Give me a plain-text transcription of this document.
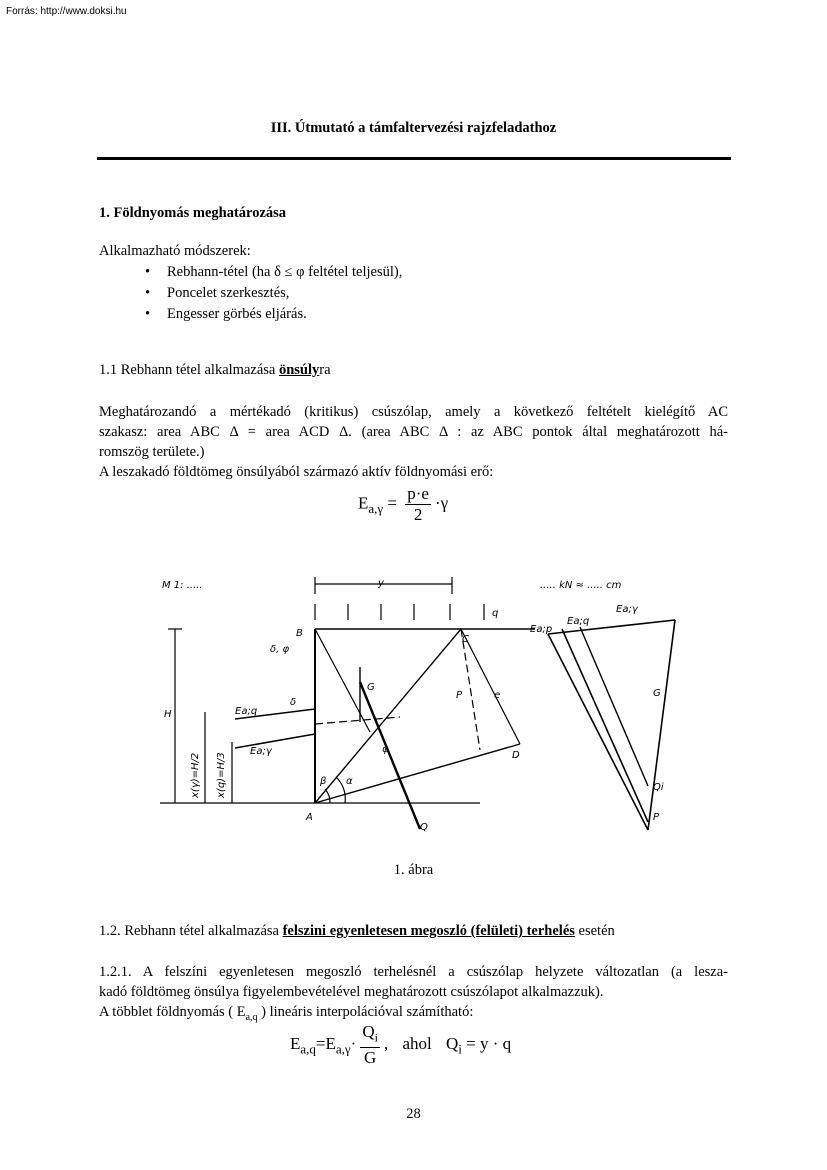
Forrás: http://www.doksi.hu
III. Útmutató a támfaltervezési rajzfeladathoz
1. Földnyomás meghatározása
Alkalmazható módszerek:
• Rebhann-tétel (ha δ ≤ φ feltétel teljesül),
• Poncelet szerkesztés,
• Engesser görbés eljárás.
1.1 Rebhann tétel alkalmazása önsúlyra
Meghatározandó a mértékadó (kritikus) csúszólap, amely a következő feltételt kielégítő AC
szakasz: area ABC Δ = area ACD Δ. (area ABC Δ : az ABC pontok által meghatározott há-
romszög területe.)
A leszakadó földtömeg önsúlyából származó aktív földnyomási erő:
$E_{a,\gamma} = \frac{p\cdot e}{2} \cdot\gamma$
M 1: .....	..... kN ≈ ..... cm
y
q
B
C
A
D
G
P	e
Q
H
δ
δ, φ
φ
α
β
Ea;q
Ea;γ
Ea;p
Ea;q
Ea;γ
G
Qi
P
x(γ)=H/2 x(q)=H/3
1. ábra
1.2. Rebhann tétel alkalmazása felszini egyenletesen megoszló (felületi) terhelés esetén
1.2.1. A felszíni egyenletesen megoszló terhelésnél a csúszólap helyzete változatlan (a lesza-
kadó földtömeg önsúlya figyelembevételével meghatározott csúszólapot alkalmazzuk).
A többlet földnyomás ( $E_{a,q}$ ) lineáris interpolációval számítható:
$E_{a,q}=E_{a,\gamma}\cdot \frac{Q_i}{G}$ , ahol $Q_i = y \cdot q$
28
